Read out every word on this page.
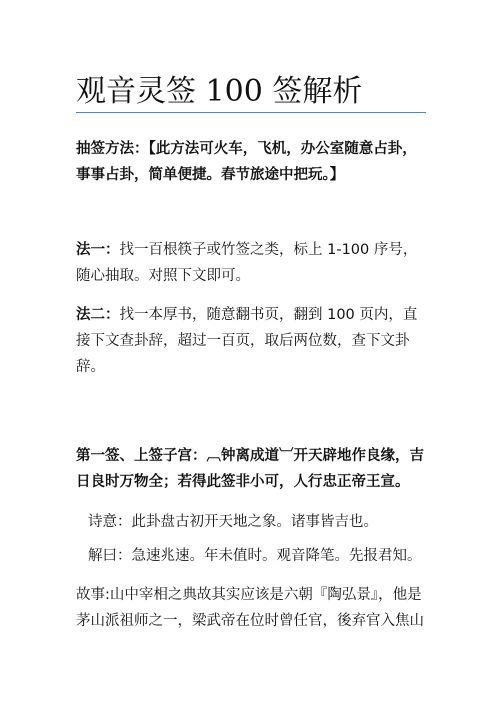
观音灵签 100 签解析
抽签方法：【此方法可火车，飞机，办公室随意占卦，事事占卦，简单便捷。春节旅途中把玩。】
法一：找一百根筷子或竹签之类，标上 1-100 序号，随心抽取。对照下文即可。
法二：找一本厚书，随意翻书页，翻到 100 页内，直接下文查卦辞，超过一百页，取后两位数，查下文卦辞。
第一签、上签子宫：︹钟离成道︺开天辟地作良缘，吉日良时万物全；若得此签非小可，人行忠正帝王宣。
诗意：此卦盘古初开天地之象。诸事皆吉也。
解曰：急速兆速。年未值时。观音降笔。先报君知。
故事:山中宰相之典故其实应该是六朝『陶弘景』，他是茅山派祖师之一，梁武帝在位时曾任官，後弃官入焦山
